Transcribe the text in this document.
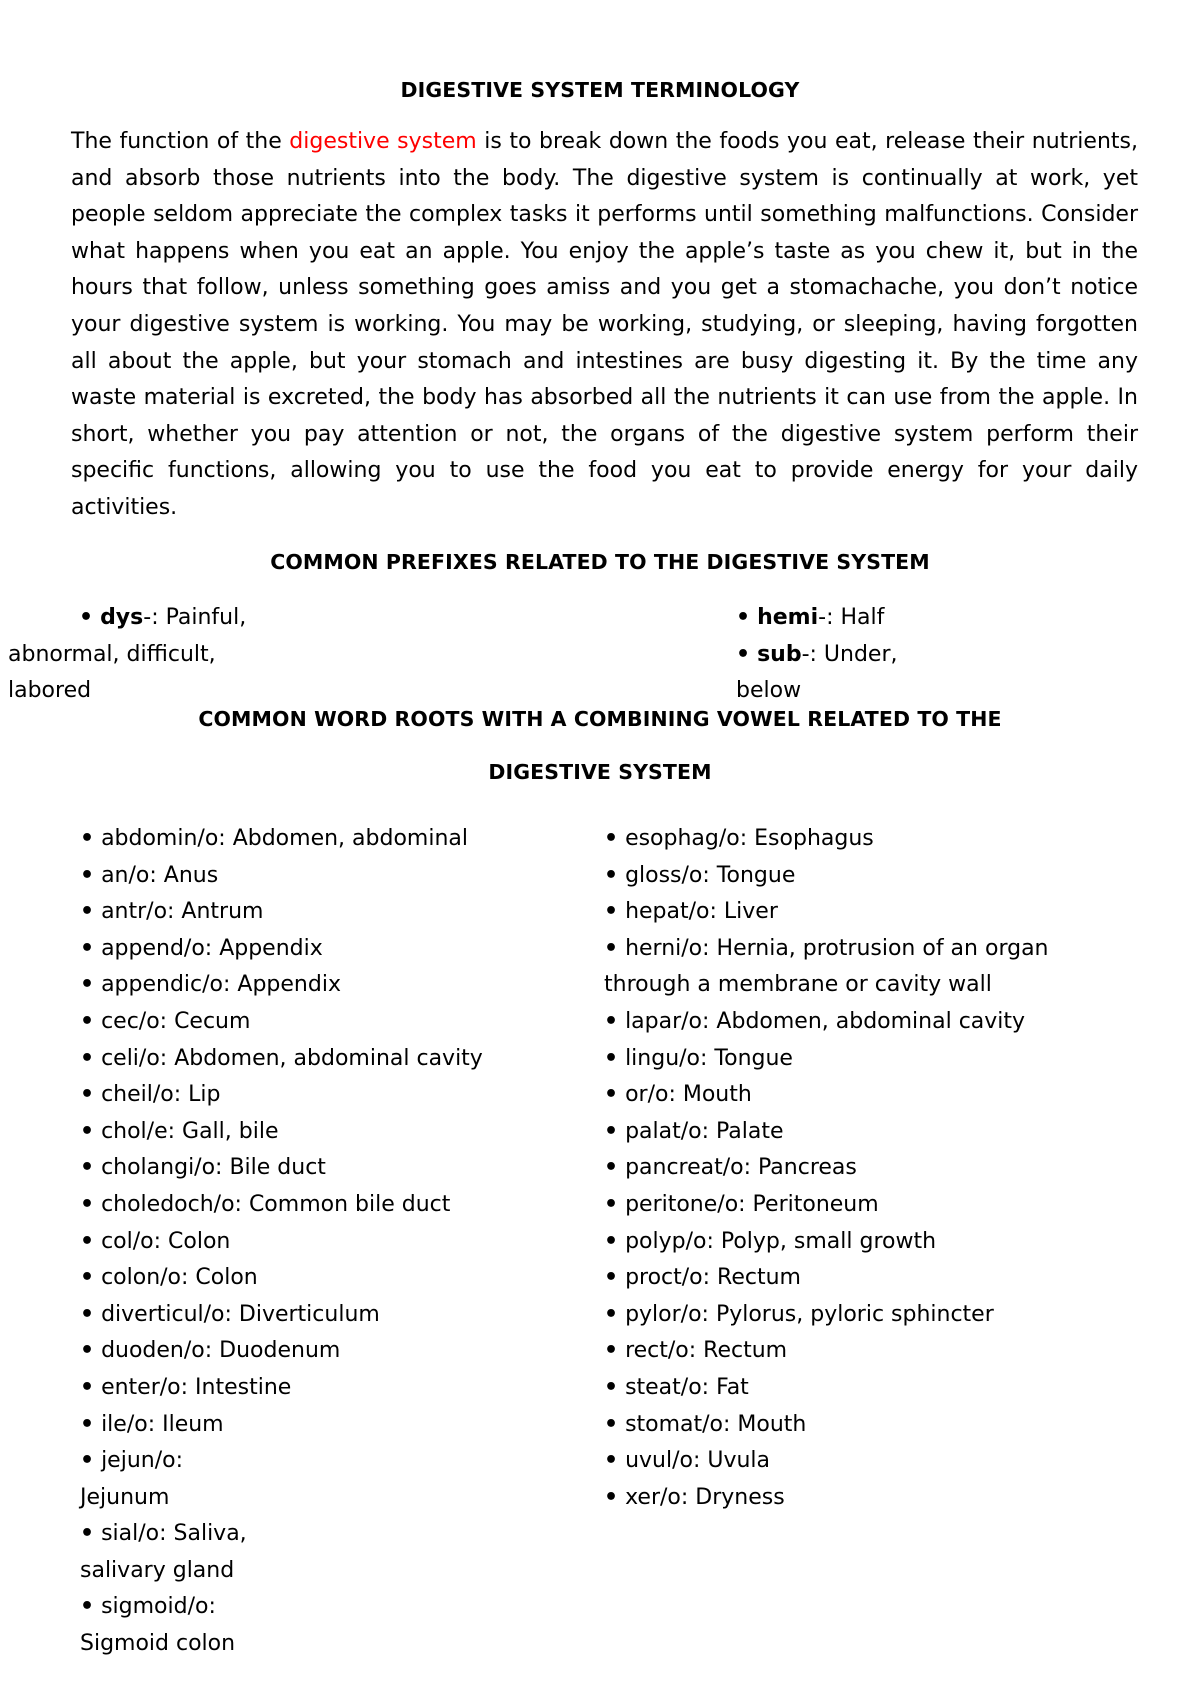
DIGESTIVE SYSTEM TERMINOLOGY

The function of the digestive system is to break down the foods you eat, release their nutrients, and absorb those nutrients into the body. The digestive system is continually at work, yet people seldom appreciate the complex tasks it performs until something malfunctions. Consider what happens when you eat an apple. You enjoy the apple’s taste as you chew it, but in the hours that follow, unless something goes amiss and you get a stomachache, you don’t notice your digestive system is working. You may be working, studying, or sleeping, having forgotten all about the apple, but your stomach and intestines are busy digesting it. By the time any waste material is excreted, the body has absorbed all the nutrients it can use from the apple. In short, whether you pay attention or not, the organs of the digestive system perform their specific functions, allowing you to use the food you eat to provide energy for your daily activities.

COMMON PREFIXES RELATED TO THE DIGESTIVE SYSTEM
• dys-: Painful,
abnormal, difficult,
labored
• hemi-: Half
• sub-: Under,
below
COMMON WORD ROOTS WITH A COMBINING VOWEL RELATED TO THE
DIGESTIVE SYSTEM
• abdomin/o: Abdomen, abdominal
• an/o: Anus
• antr/o: Antrum
• append/o: Appendix
• appendic/o: Appendix
• cec/o: Cecum
• celi/o: Abdomen, abdominal cavity
• cheil/o: Lip
• chol/e: Gall, bile
• cholangi/o: Bile duct
• choledoch/o: Common bile duct
• col/o: Colon
• colon/o: Colon
• diverticul/o: Diverticulum
• duoden/o: Duodenum
• enter/o: Intestine
• ile/o: Ileum
• jejun/o:
Jejunum
• sial/o: Saliva,
salivary gland
• sigmoid/o:
Sigmoid colon
• esophag/o: Esophagus
• gloss/o: Tongue
• hepat/o: Liver
• herni/o: Hernia, protrusion of an organ
through a membrane or cavity wall
• lapar/o: Abdomen, abdominal cavity
• lingu/o: Tongue
• or/o: Mouth
• palat/o: Palate
• pancreat/o: Pancreas
• peritone/o: Peritoneum
• polyp/o: Polyp, small growth
• proct/o: Rectum
• pylor/o: Pylorus, pyloric sphincter
• rect/o: Rectum
• steat/o: Fat
• stomat/o: Mouth
• uvul/o: Uvula
• xer/o: Dryness
